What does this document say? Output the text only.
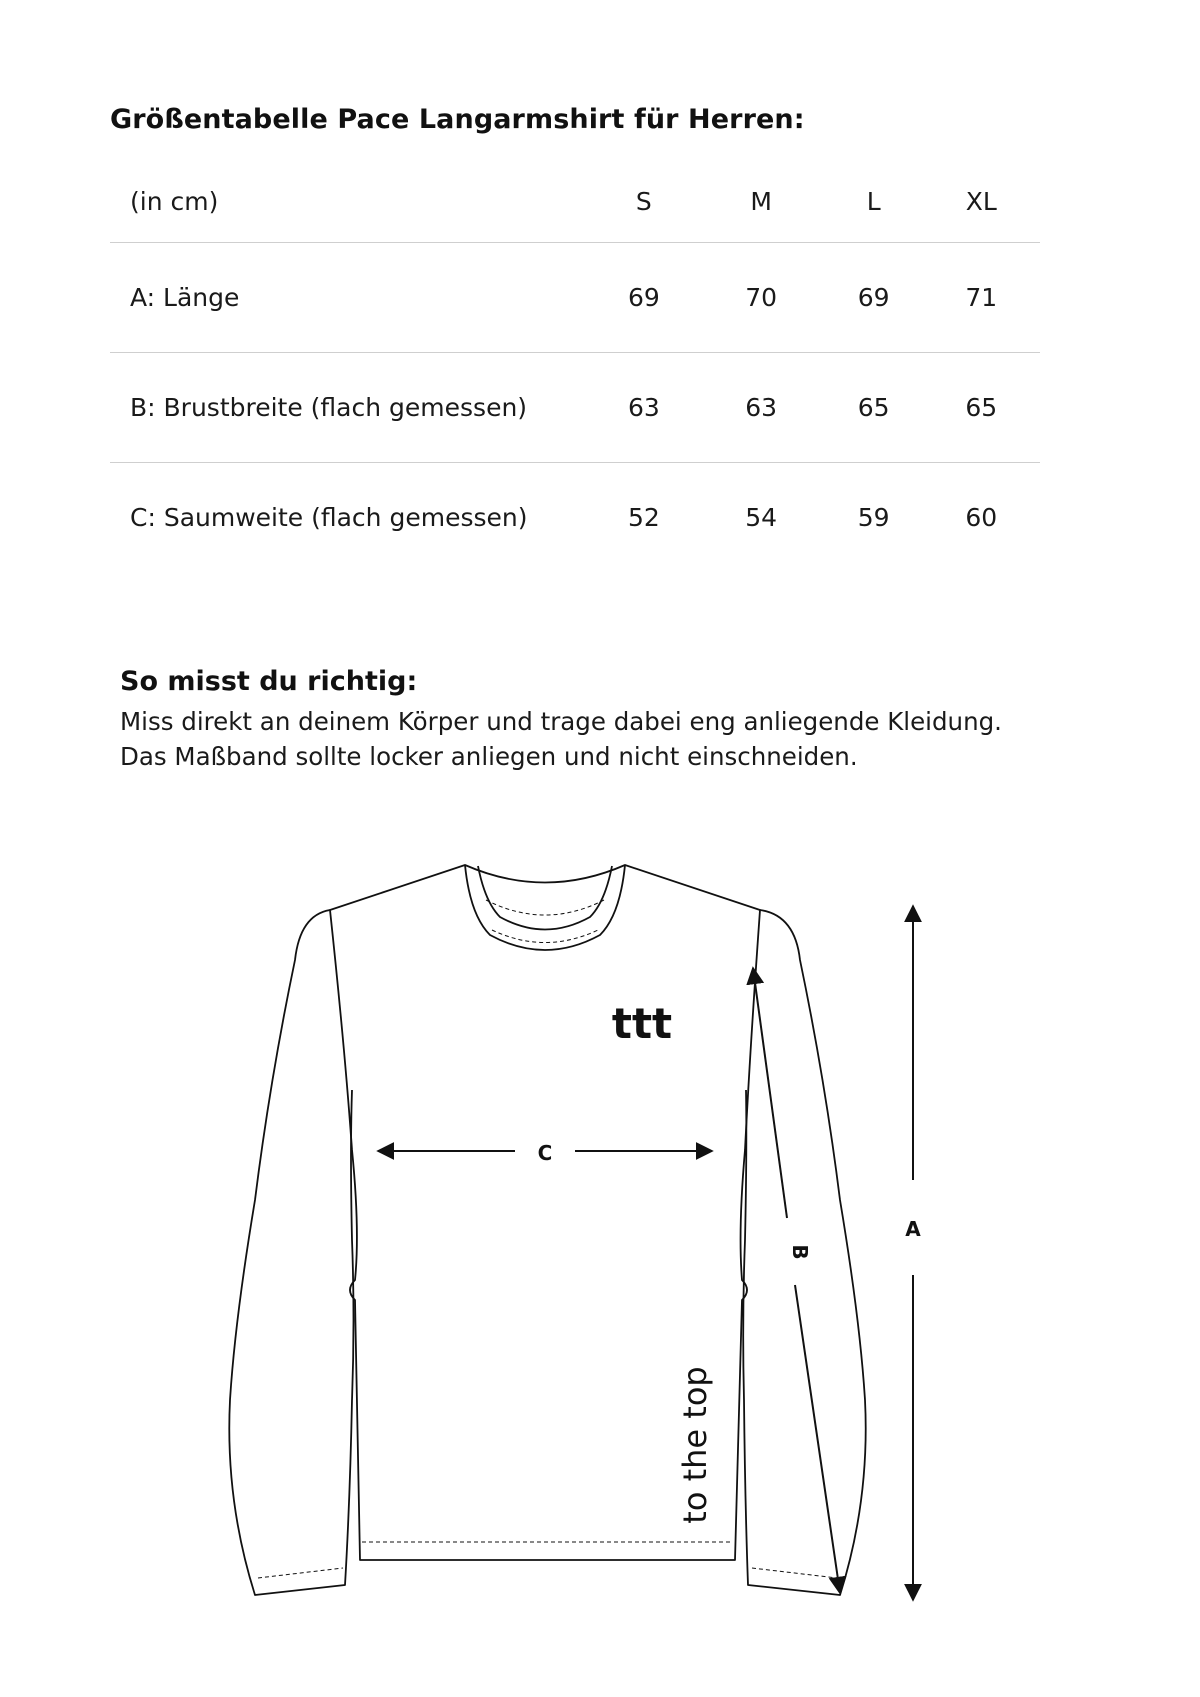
Größentabelle Pace Langarmshirt für Herren:
(in cm)	S	M	L	XL
A: Länge	69	70	69	71
B: Brustbreite (flach gemessen)	63	63	65	65
C: Saumweite (flach gemessen)	52	54	59	60
So misst du richtig:

Miss direkt an deinem Körper und trage dabei eng anliegende Kleidung.

Das Maßband sollte locker anliegen und nicht einschneiden.

ttt
to the top
C
B
A
